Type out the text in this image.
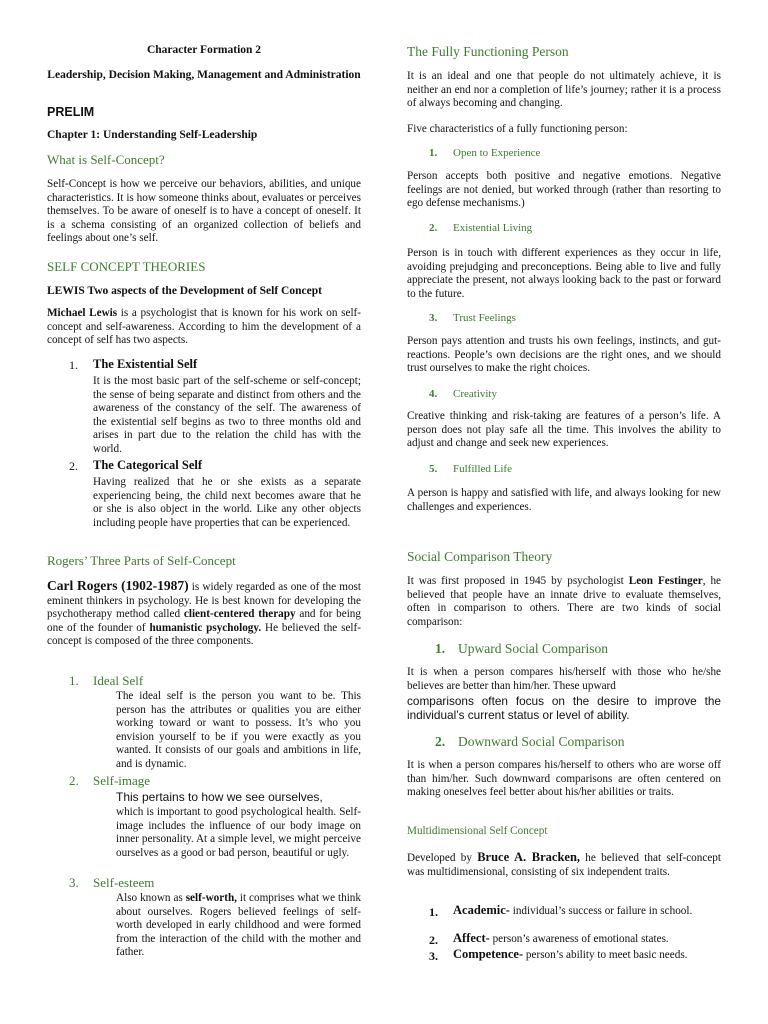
Character Formation 2
Leadership, Decision Making, Management and Administration
PRELIM
Chapter 1: Understanding Self-Leadership
What is Self-Concept?
Self-Concept is how we perceive our behaviors, abilities, and unique characteristics. It is how someone thinks about, evaluates or perceives themselves. To be aware of oneself is to have a concept of oneself. It is a schema consisting of an organized collection of beliefs and feelings about one’s self.
SELF CONCEPT THEORIES
LEWIS Two aspects of the Development of Self Concept
Michael Lewis is a psychologist that is known for his work on self-concept and self-awareness. According to him the development of a concept of self has two aspects.
1. The Existential Self
It is the most basic part of the self-scheme or self-concept; the sense of being separate and distinct from others and the awareness of the constancy of the self. The awareness of the existential self begins as two to three months old and arises in part due to the relation the child has with the world.
2. The Categorical Self
Having realized that he or she exists as a separate experiencing being, the child next becomes aware that he or she is also object in the world. Like any other objects including people have properties that can be experienced.
Rogers’ Three Parts of Self-Concept
Carl Rogers (1902-1987) is widely regarded as one of the most eminent thinkers in psychology. He is best known for developing the psychotherapy method called client-centered therapy and for being one of the founder of humanistic psychology. He believed the self-concept is composed of the three components.
1. Ideal Self
The ideal self is the person you want to be. This person has the attributes or qualities you are either working toward or want to possess. It’s who you envision yourself to be if you were exactly as you wanted. It consists of our goals and ambitions in life, and is dynamic.
2. Self-image
This pertains to how we see ourselves,
which is important to good psychological health. Self-image includes the influence of our body image on inner personality. At a simple level, we might perceive ourselves as a good or bad person, beautiful or ugly.
3. Self-esteem
Also known as self-worth, it comprises what we think about ourselves. Rogers believed feelings of self-worth developed in early childhood and were formed from the interaction of the child with the mother and father.
The Fully Functioning Person
It is an ideal and one that people do not ultimately achieve, it is neither an end nor a completion of life’s journey; rather it is a process of always becoming and changing.
Five characteristics of a fully functioning person:
1. Open to Experience
Person accepts both positive and negative emotions. Negative feelings are not denied, but worked through (rather than resorting to ego defense mechanisms.)
2. Existential Living
Person is in touch with different experiences as they occur in life, avoiding prejudging and preconceptions. Being able to live and fully appreciate the present, not always looking back to the past or forward to the future.
3. Trust Feelings
Person pays attention and trusts his own feelings, instincts, and gut-reactions. People’s own decisions are the right ones, and we should trust ourselves to make the right choices.
4. Creativity
Creative thinking and risk-taking are features of a person’s life. A person does not play safe all the time. This involves the ability to adjust and change and seek new experiences.
5. Fulfilled Life
A person is happy and satisfied with life, and always looking for new challenges and experiences.
Social Comparison Theory
It was first proposed in 1945 by psychologist Leon Festinger, he believed that people have an innate drive to evaluate themselves, often in comparison to others. There are two kinds of social comparison:
1. Upward Social Comparison
It is when a person compares his/herself with those who he/she believes are better than him/her. These upward
comparisons often focus on the desire to improve the individual’s current status or level of ability.
2. Downward Social Comparison
It is when a person compares his/herself to others who are worse off than him/her. Such downward comparisons are often centered on making oneselves feel better about his/her abilities or traits.
Multidimensional Self Concept
Developed by Bruce A. Bracken, he believed that self-concept was multidimensional, consisting of six independent traits.
1. Academic- individual’s success or failure in school.
2. Affect- person’s awareness of emotional states.
3. Competence- person’s ability to meet basic needs.
